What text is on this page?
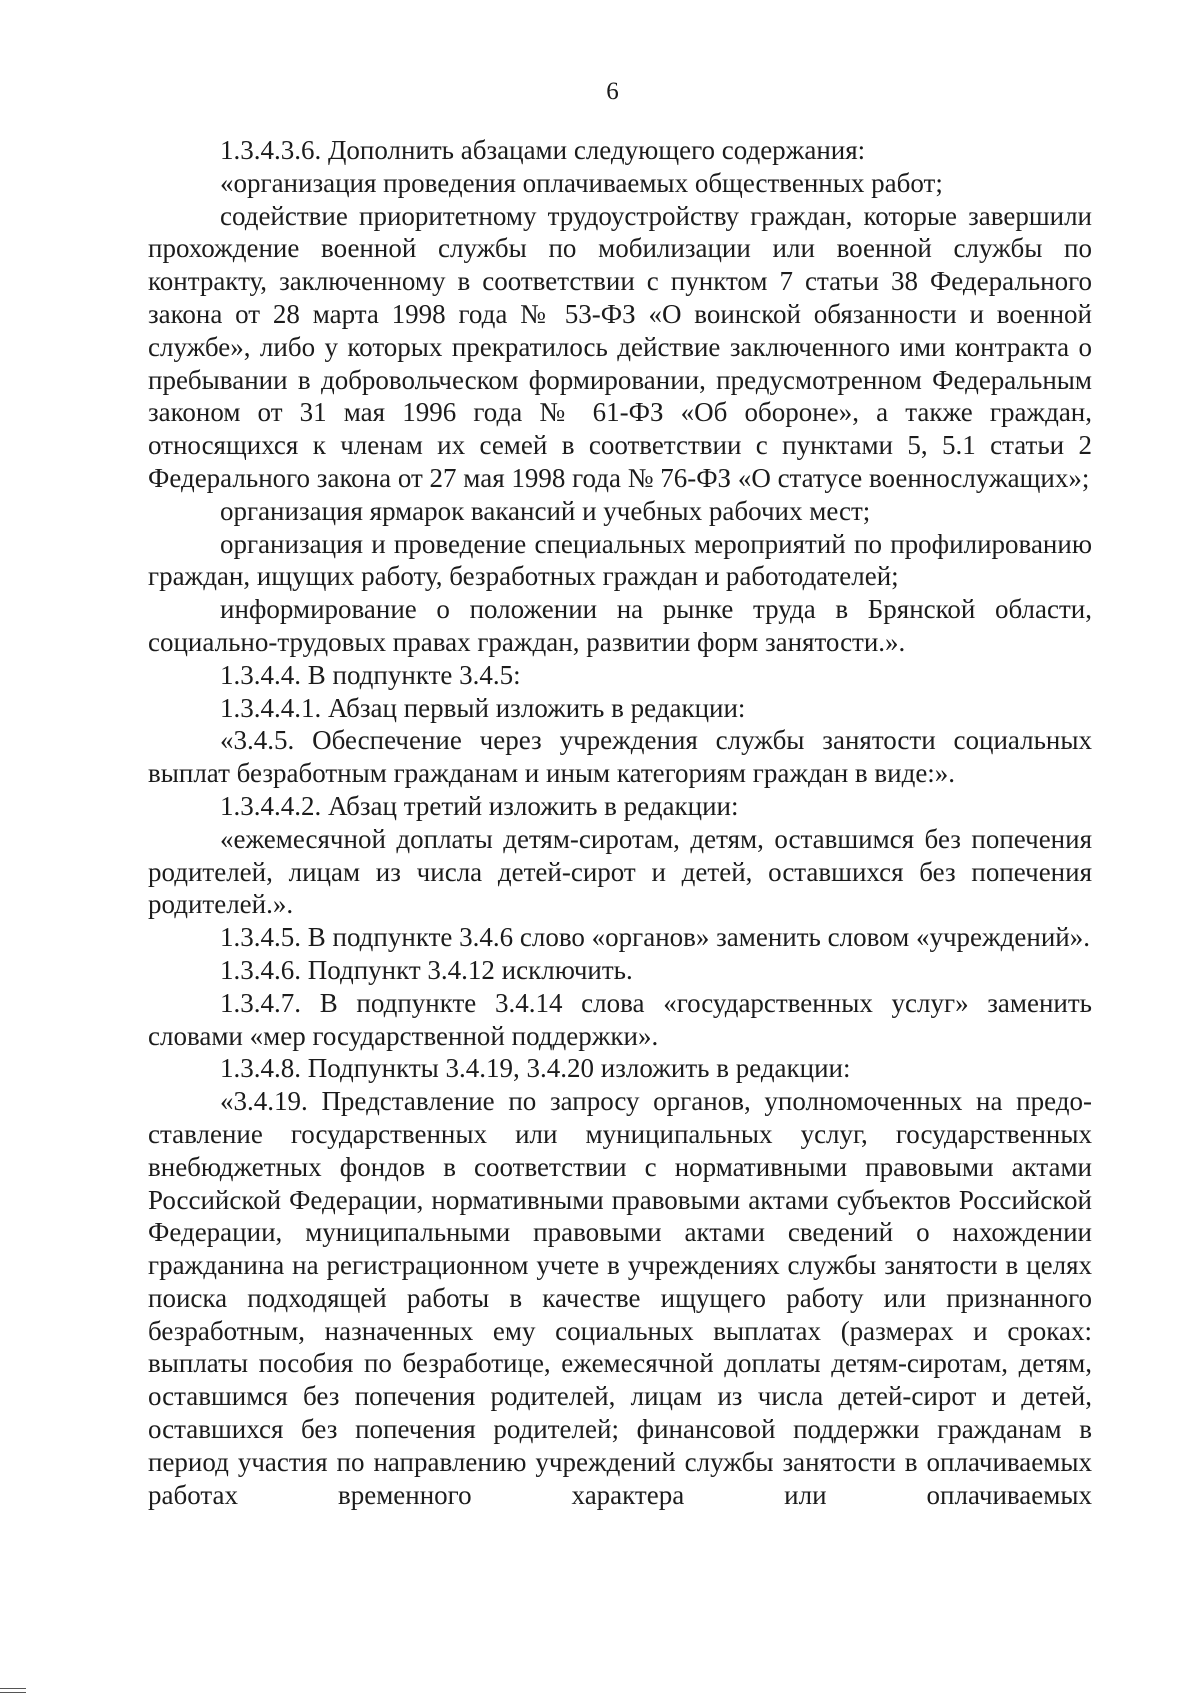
6

1.3.4.3.6. Дополнить абзацами следующего содержания:

«организация проведения оплачиваемых общественных работ;

содействие приоритетному трудоустройству граждан, которые завершили прохождение военной службы по мобилизации или военной службы по контракту, заключенному в соответствии с пунктом 7 статьи 38 Федерального закона от 28 марта 1998 года № 53-ФЗ «О воинской обязанности и военной службе», либо у которых прекратилось действие заключенного ими контракта о пребывании в добровольческом формировании, предусмотренном Федеральным законом от 31 мая 1996 года № 61-ФЗ «Об обороне», а также граждан, относящихся к членам их семей в соответствии с пунктами 5, 5.1 статьи 2 Федерального закона от 27 мая 1998 года № 76-ФЗ «О статусе военнослужащих»;

организация ярмарок вакансий и учебных рабочих мест;

организация и проведение специальных мероприятий по профилированию граждан, ищущих работу, безработных граждан и работодателей;

информирование о положении на рынке труда в Брянской области, социально-трудовых правах граждан, развитии форм занятости.».

1.3.4.4. В подпункте 3.4.5:

1.3.4.4.1. Абзац первый изложить в редакции:

«3.4.5. Обеспечение через учреждения службы занятости социальных выплат безработным гражданам и иным категориям граждан в виде:».

1.3.4.4.2. Абзац третий изложить в редакции:

«ежемесячной доплаты детям-сиротам, детям, оставшимся без попечения родителей, лицам из числа детей-сирот и детей, оставшихся без попечения родителей.».

1.3.4.5. В подпункте 3.4.6 слово «органов» заменить словом «учреждений».

1.3.4.6. Подпункт 3.4.12 исключить.

1.3.4.7. В подпункте 3.4.14 слова «государственных услуг» заменить словами «мер государственной поддержки».

1.3.4.8. Подпункты 3.4.19, 3.4.20 изложить в редакции:

«3.4.19. Представление по запросу органов, уполномоченных на предоставление государственных или муниципальных услуг, государственных внебюджетных фондов в соответствии с нормативными правовыми актами Российской Федерации, нормативными правовыми актами субъектов Российской Федерации, муниципальными правовыми актами сведений о нахождении гражданина на регистрационном учете в учреждениях службы занятости в целях поиска подходящей работы в качестве ищущего работу или признанного безработным, назначенных ему социальных выплатах (размерах и сроках: выплаты пособия по безработице, ежемесячной доплаты детям-сиротам, детям, оставшимся без попечения родителей, лицам из числа детей-сирот и детей, оставшихся без попечения родителей; финансовой поддержки гражданам в период участия по направлению учреждений службы занятости в оплачиваемых работах временного характера или оплачиваемых
